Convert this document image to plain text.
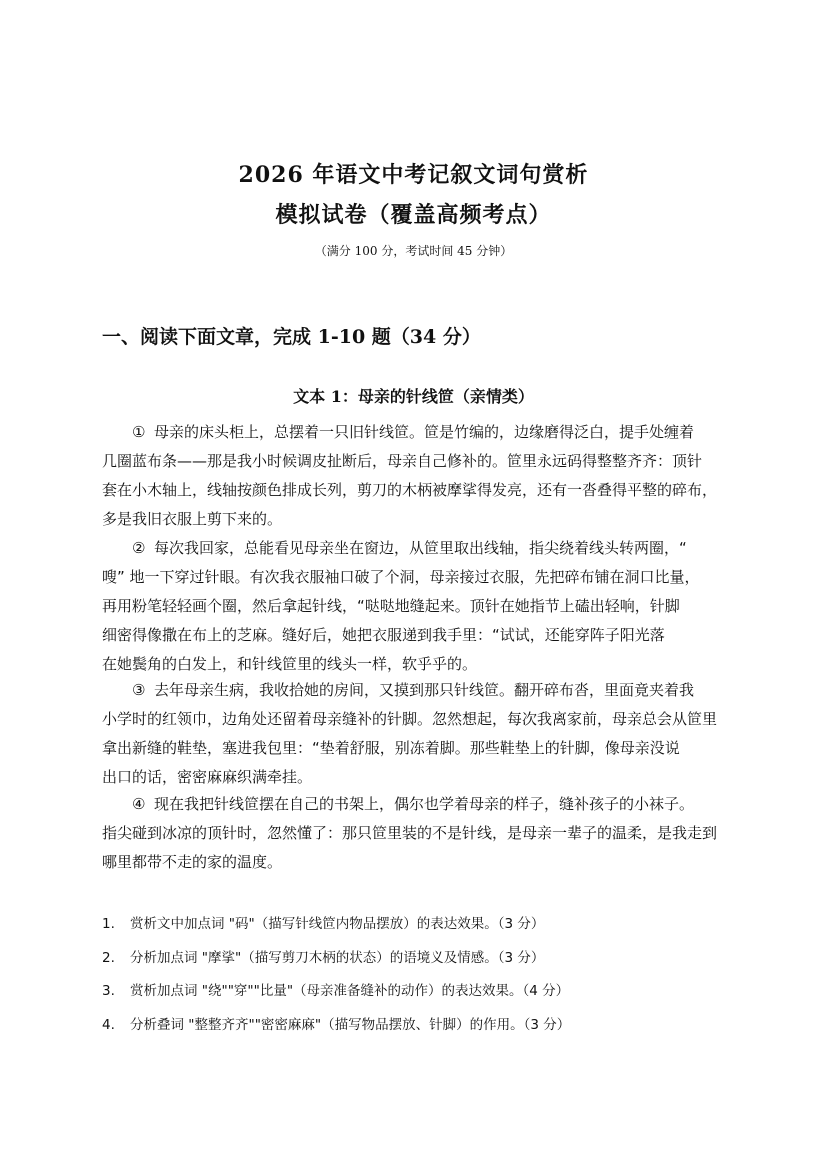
2026 年语文中考记叙文词句赏析
模拟试卷（覆盖高频考点）
（满分 100 分，考试时间 45 分钟）
一、阅读下面文章，完成 1-10 题（34 分）
文本 1：母亲的针线笸（亲情类）
① 母亲的床头柜上，总摆着一只旧针线笸。笸是竹编的，边缘磨得泛白，提手处缠着
几圈蓝布条——那是我小时候调皮扯断后，母亲自己修补的。笸里永远码得整整齐齐：顶针
套在小木轴上，线轴按颜色排成长列，剪刀的木柄被摩挲得发亮，还有一沓叠得平整的碎布，
多是我旧衣服上剪下来的。
② 每次我回家，总能看见母亲坐在窗边，从笸里取出线轴，指尖绕着线头转两圈，“
嗖” 地一下穿过针眼。有次我衣服袖口破了个洞，母亲接过衣服，先把碎布铺在洞口比量，
再用粉笔轻轻画个圈，然后拿起针线，“哒哒地缝起来。顶针在她指节上磕出轻响，针脚
细密得像撒在布上的芝麻。缝好后，她把衣服递到我手里：“试试，还能穿阵子阳光落
在她鬓角的白发上，和针线笸里的线头一样，软乎乎的。
③ 去年母亲生病，我收拾她的房间，又摸到那只针线笸。翻开碎布沓，里面竟夹着我
小学时的红领巾，边角处还留着母亲缝补的针脚。忽然想起，每次我离家前，母亲总会从笸里
拿出新缝的鞋垫，塞进我包里：“垫着舒服，别冻着脚。那些鞋垫上的针脚，像母亲没说
出口的话，密密麻麻织满牵挂。
④ 现在我把针线笸摆在自己的书架上，偶尔也学着母亲的样子，缝补孩子的小袜子。
指尖碰到冰凉的顶针时，忽然懂了：那只笸里装的不是针线，是母亲一辈子的温柔，是我走到
哪里都带不走的家的温度。
1. 赏析文中加点词 "码"（描写针线笸内物品摆放）的表达效果。（3 分）
2. 分析加点词 "摩挲"（描写剪刀木柄的状态）的语境义及情感。（3 分）
3. 赏析加点词 "绕""穿""比量"（母亲准备缝补的动作）的表达效果。（4 分）
4. 分析叠词 "整整齐齐""密密麻麻"（描写物品摆放、针脚）的作用。（3 分）
